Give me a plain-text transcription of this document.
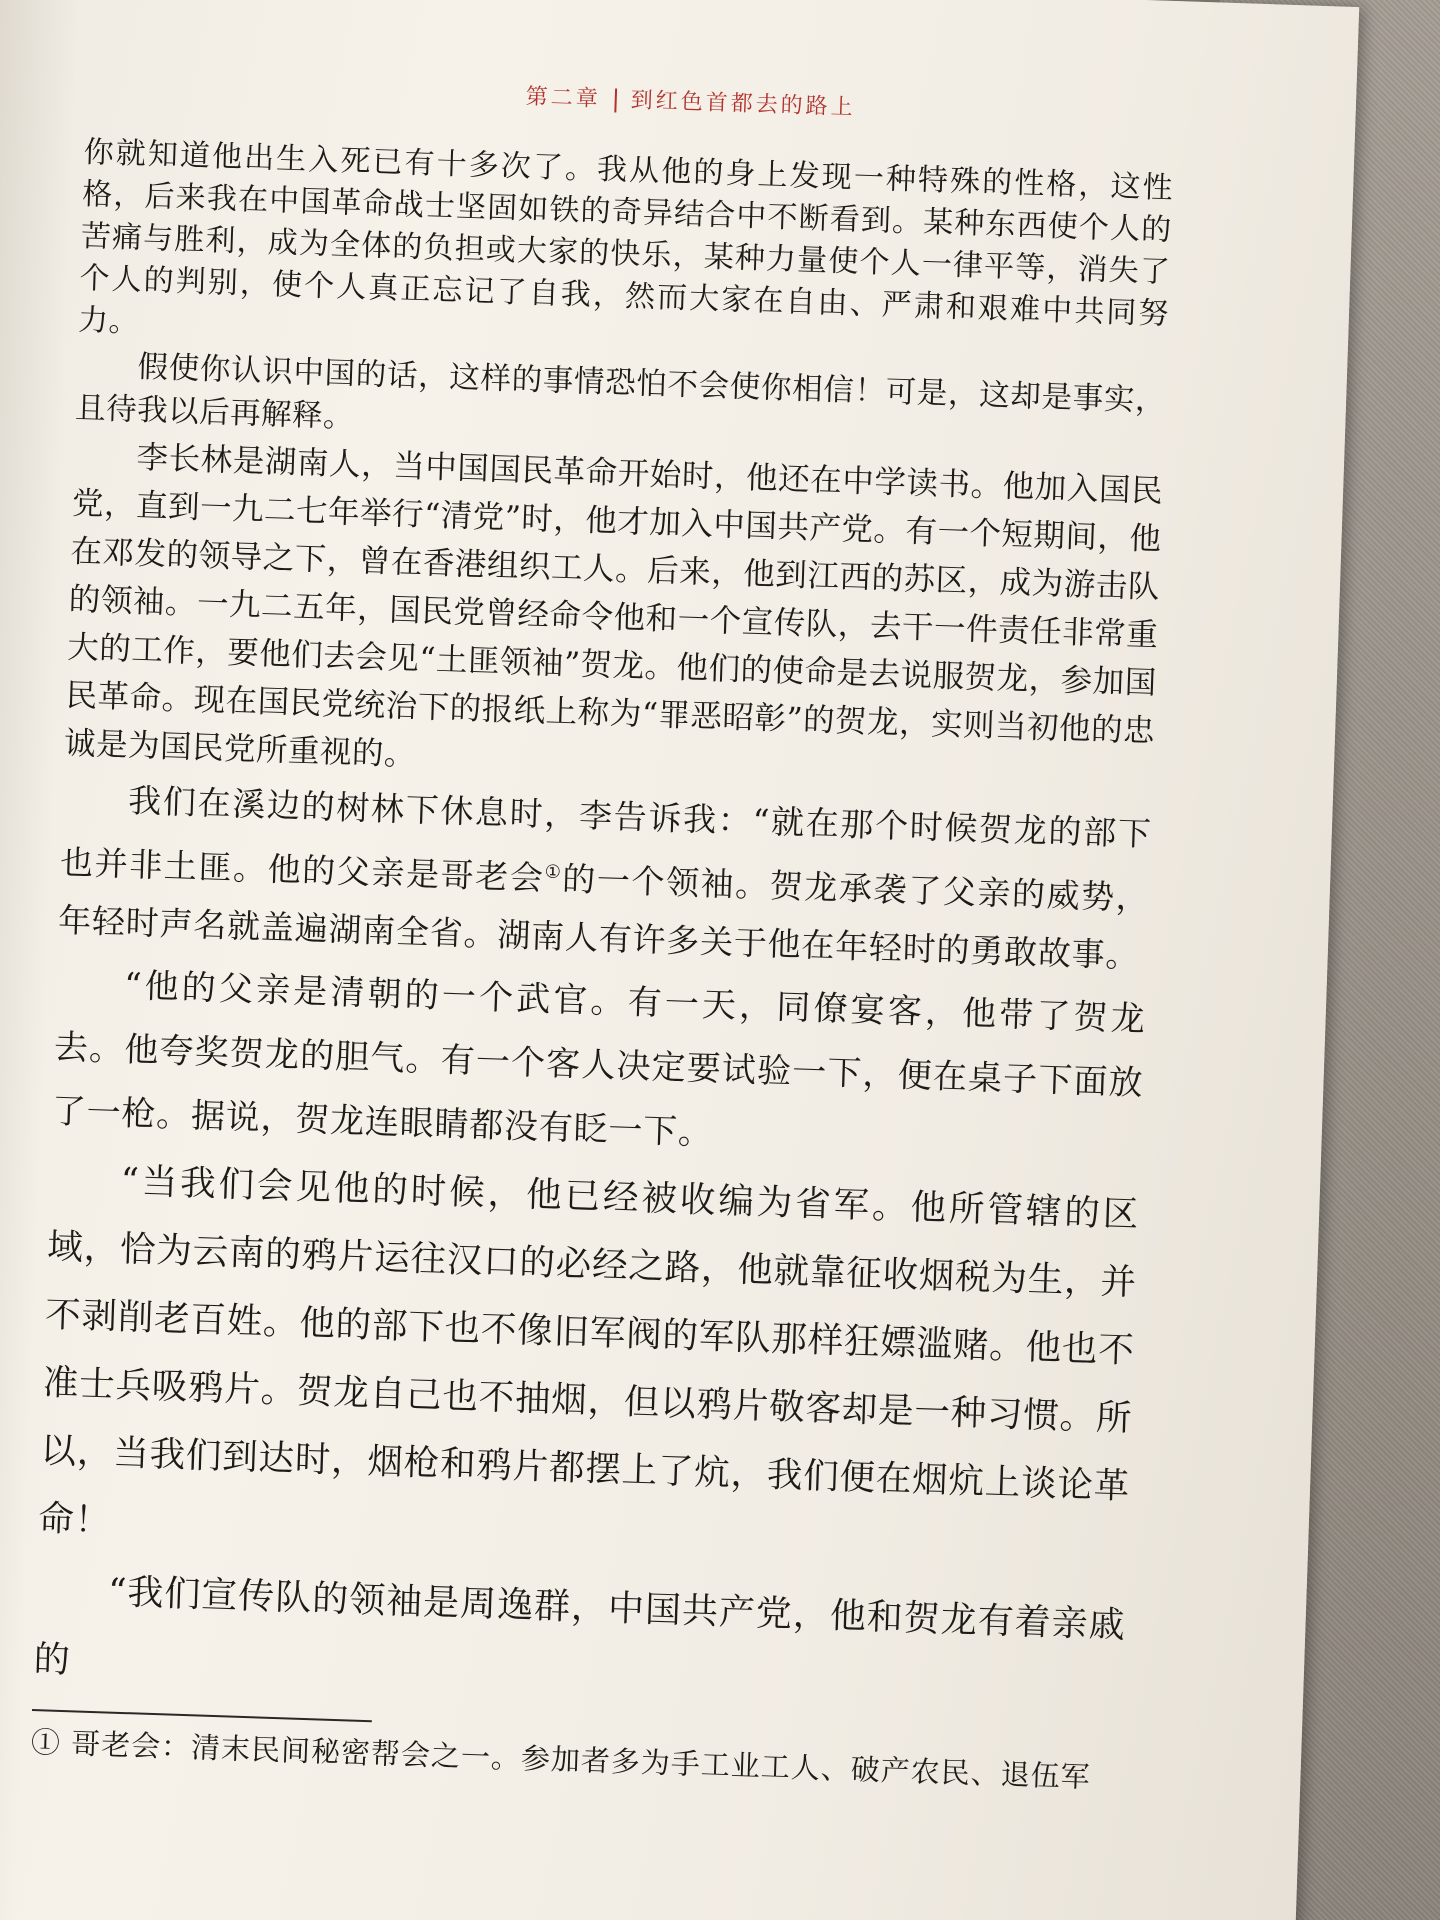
第二章 到红色首都去的路上

你就知道他出生入死已有十多次了。我从他的身上发现一种特殊的性格，这性格，后来我在中国革命战士坚固如铁的奇异结合中不断看到。某种东西使个人的苦痛与胜利，成为全体的负担或大家的快乐，某种力量使个人一律平等，消失了个人的判别，使个人真正忘记了自我，然而大家在自由、严肃和艰难中共同努力。

假使你认识中国的话，这样的事情恐怕不会使你相信！可是，这却是事实，且待我以后再解释。

李长林是湖南人，当中国国民革命开始时，他还在中学读书。他加入国民党，直到一九二七年举行“清党”时，他才加入中国共产党。有一个短期间，他在邓发的领导之下，曾在香港组织工人。后来，他到江西的苏区，成为游击队的领袖。一九二五年，国民党曾经命令他和一个宣传队，去干一件责任非常重大的工作，要他们去会见“土匪领袖”贺龙。他们的使命是去说服贺龙，参加国民革命。现在国民党统治下的报纸上称为“罪恶昭彰”的贺龙，实则当初他的忠诚是为国民党所重视的。

我们在溪边的树林下休息时，李告诉我：“就在那个时候贺龙的部下也并非土匪。他的父亲是哥老会①的一个领袖。贺龙承袭了父亲的威势，年轻时声名就盖遍湖南全省。湖南人有许多关于他在年轻时的勇敢故事。

“他的父亲是清朝的一个武官。有一天，同僚宴客，他带了贺龙去。他夸奖贺龙的胆气。有一个客人决定要试验一下，便在桌子下面放了一枪。据说，贺龙连眼睛都没有眨一下。

“当我们会见他的时候，他已经被收编为省军。他所管辖的区域，恰为云南的鸦片运往汉口的必经之路，他就靠征收烟税为生，并不剥削老百姓。他的部下也不像旧军阀的军队那样狂嫖滥赌。他也不准士兵吸鸦片。贺龙自己也不抽烟，但以鸦片敬客却是一种习惯。所以，当我们到达时，烟枪和鸦片都摆上了炕，我们便在烟炕上谈论革命！

“我们宣传队的领袖是周逸群，中国共产党，他和贺龙有着亲戚的

① 哥老会：清末民间秘密帮会之一。参加者多为手工业工人、破产农民、退伍军
